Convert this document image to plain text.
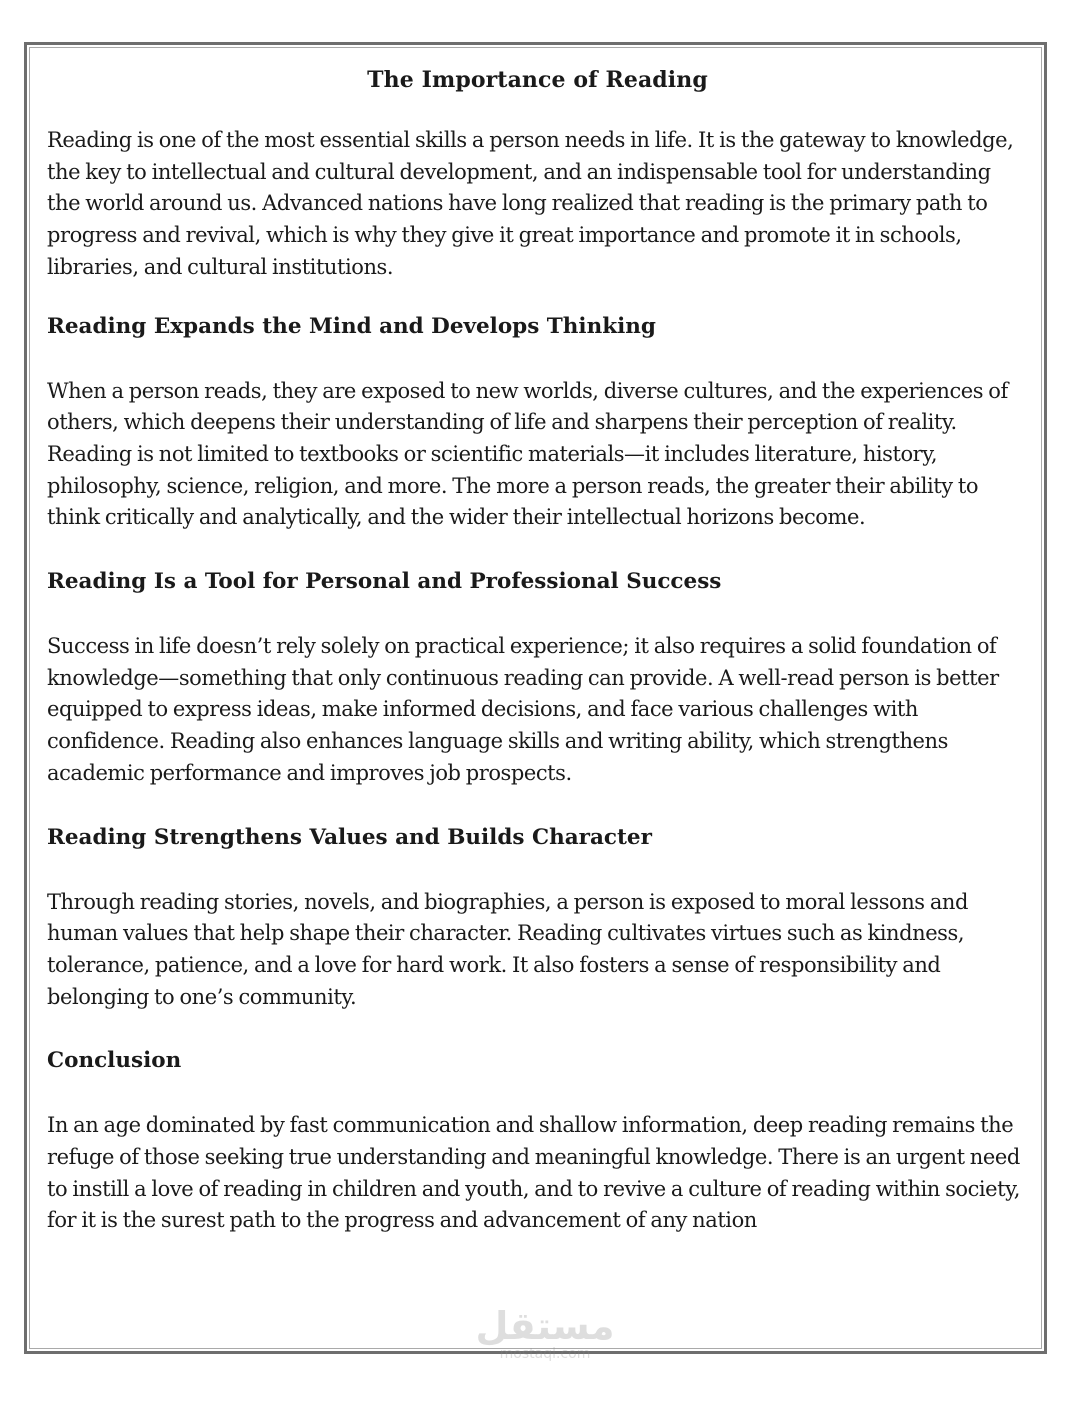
The Importance of Reading

Reading is one of the most essential skills a person needs in life. It is the gateway to knowledge, the key to intellectual and cultural development, and an indispensable tool for understanding the world around us. Advanced nations have long realized that reading is the primary path to progress and revival, which is why they give it great importance and promote it in schools, libraries, and cultural institutions.

Reading Expands the Mind and Develops Thinking

When a person reads, they are exposed to new worlds, diverse cultures, and the experiences of others, which deepens their understanding of life and sharpens their perception of reality. Reading is not limited to textbooks or scientific materials—it includes literature, history, philosophy, science, religion, and more. The more a person reads, the greater their ability to think critically and analytically, and the wider their intellectual horizons become.

Reading Is a Tool for Personal and Professional Success

Success in life doesn’t rely solely on practical experience; it also requires a solid foundation of knowledge—something that only continuous reading can provide. A well-read person is better equipped to express ideas, make informed decisions, and face various challenges with confidence. Reading also enhances language skills and writing ability, which strengthens academic performance and improves job prospects.

Reading Strengthens Values and Builds Character

Through reading stories, novels, and biographies, a person is exposed to moral lessons and human values that help shape their character. Reading cultivates virtues such as kindness, tolerance, patience, and a love for hard work. It also fosters a sense of responsibility and belonging to one’s community.

Conclusion

In an age dominated by fast communication and shallow information, deep reading remains the refuge of those seeking true understanding and meaningful knowledge. There is an urgent need to instill a love of reading in children and youth, and to revive a culture of reading within society, for it is the surest path to the progress and advancement of any nation

مستقل
mostaql.com
